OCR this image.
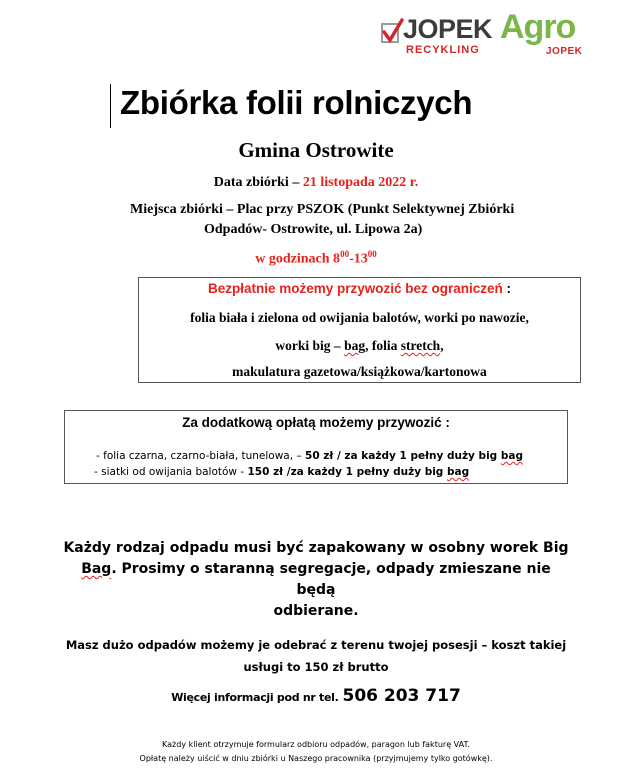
JOPEK
RECYKLING
Agro
JOPEK
Zbiórka folii rolniczych
Gmina Ostrowite
Data zbiórki – 21 listopada 2022 r.
Miejsca zbiórki – Plac przy PSZOK (Punkt Selektywnej Zbiórki
Odpadów- Ostrowite, ul. Lipowa 2a)
w godzinach $8^{00}-13^{00}$
Bezpłatnie możemy przywozić bez ograniczeń :
folia biała i zielona od owijania balotów, worki po nawozie,
worki big – bag, folia stretch,
makulatura gazetowa/książkowa/kartonowa
Za dodatkową opłatą możemy przywozić :
- folia czarna, czarno-biała, tunelowa, – 50 zł / za każdy 1 pełny duży big bag
- siatki od owijania balotów - 150 zł /za każdy 1 pełny duży big bag
Każdy rodzaj odpadu musi być zapakowany w osobny worek Big
Bag. Prosimy o staranną segregacje, odpady zmieszane nie będą
odbierane.
Masz dużo odpadów możemy je odebrać z terenu twojej posesji – koszt takiej
usługi to 150 zł brutto
Więcej informacji pod nr tel. 506 203 717
Każdy klient otrzymuje formularz odbioru odpadów, paragon lub fakturę VAT.
Opłatę należy uiścić w dniu zbiórki u Naszego pracownika (przyjmujemy tylko gotówkę).
